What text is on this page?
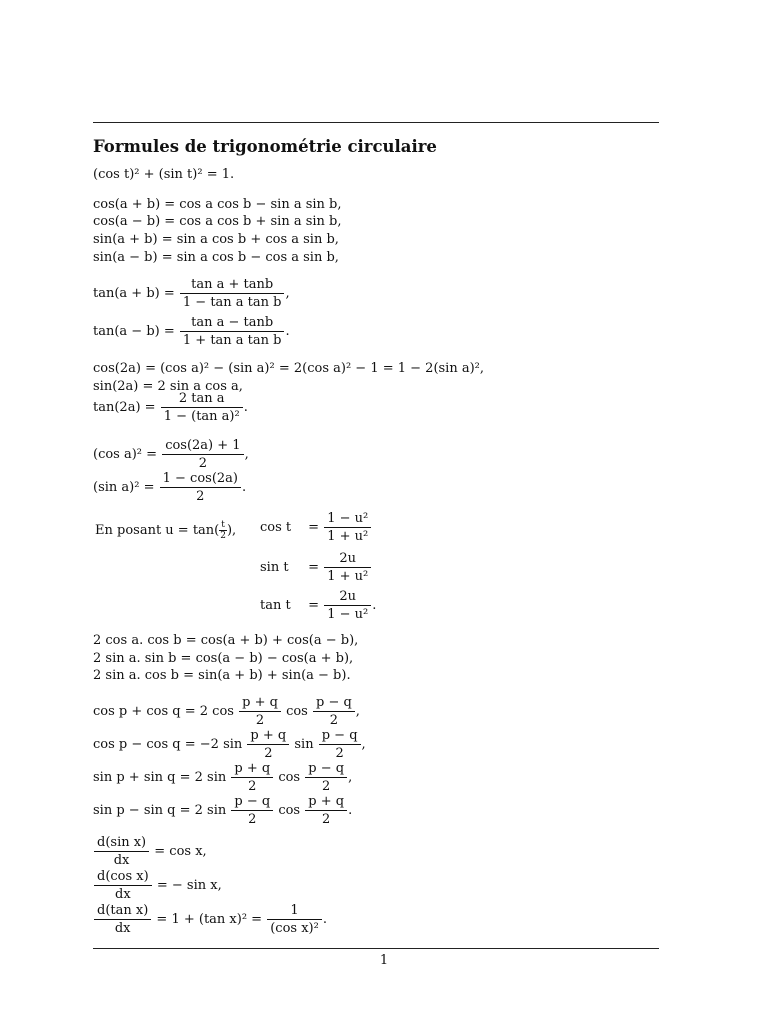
Formules de trigonométrie circulaire
(cos t)² + (sin t)² = 1.
cos(a + b) = cos a cos b − sin a sin b,
cos(a − b) = cos a cos b + sin a sin b,
sin(a + b) = sin a cos b + cos a sin b,
sin(a − b) = sin a cos b − cos a sin b,
$\tan(a + b) = \frac{\text{tan a + tanb}}{\text{1 − tan a tan b}}$ ,
$\tan(a - b) = \frac{\text{tan a − tanb}}{\text{1 + tan a tan b}}$ .
cos(2a) = (cos a)² − (sin a)² = 2(cos a)² − 1 = 1 − 2(sin a)²,
sin(2a) = 2 sin a cos a,
$\tan(2a) = \frac{\text{2 tan a}}{\text{1 − (tan a)²}}$ .
(cos $a)^2 = \frac{\cos(2a) + 1}{2}$ ,
(sin $a)^2 = \frac{1 - \cos(2a)}{2}$ .
En posant $u = \tan( \frac{t}{2}$ ), $\cos t = \frac{\text{1 − u²}}{\text{1 + u²}}$
$\sin t = \frac{2u}{\text{1 + u²}}$
$\tan t = \frac{2u}{\text{1 − u²}}$ .
2 cos a. cos b = cos(a + b) + cos(a − b),
2 sin a. sin b = cos(a − b) − cos(a + b),
2 sin a. cos b = sin(a + b) + sin(a − b).
cos p + cos q = 2 $\cos \frac{p + q}{2}$ $\cos \frac{p - q}{2}$ ,
cos p − cos q = −2 $\sin \frac{p + q}{2}$ $\sin \frac{p - q}{2}$ ,
sin p + sin q = 2 $\sin \frac{p + q}{2}$ $\cos \frac{p - q}{2}$ ,
sin p − sin q = 2 $\sin \frac{p - q}{2}$ $\cos \frac{p + q}{2}$ .
$\frac{\text{d(sin x)}}{dx} = \cos x$,
$\frac{\text{d(cos x)}}{dx}$ = − sin x,
$\frac{\text{d(tan x)}}{dx} = 1 + (\tan$ $x)^2 = \frac{1}{\text{(cos x)²}}$ .
1
